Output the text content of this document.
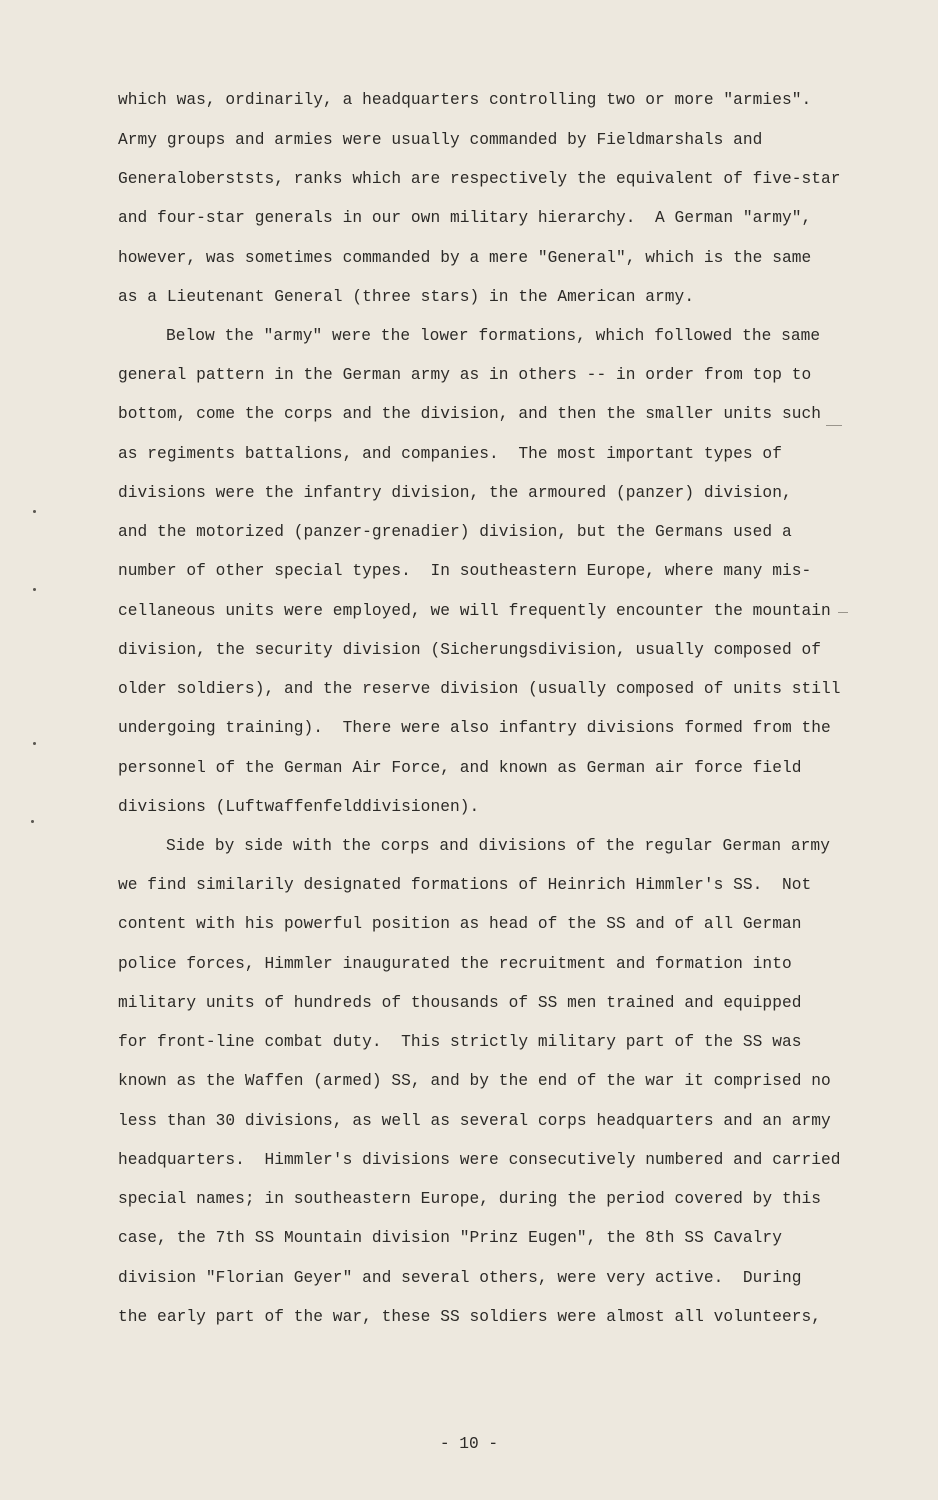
which was, ordinarily, a headquarters controlling two or more "armies".
Army groups and armies were usually commanded by Fieldmarshals and
Generaloberststs, ranks which are respectively the equivalent of five-star
and four-star generals in our own military hierarchy.  A German "army",
however, was sometimes commanded by a mere "General", which is the same
as a Lieutenant General (three stars) in the American army.
Below the "army" were the lower formations, which followed the same
general pattern in the German army as in others -- in order from top to
bottom, come the corps and the division, and then the smaller units such
as regiments battalions, and companies.  The most important types of
divisions were the infantry division, the armoured (panzer) division,
and the motorized (panzer-grenadier) division, but the Germans used a
number of other special types.  In southeastern Europe, where many mis-
cellaneous units were employed, we will frequently encounter the mountain
division, the security division (Sicherungsdivision, usually composed of
older soldiers), and the reserve division (usually composed of units still
undergoing training).  There were also infantry divisions formed from the
personnel of the German Air Force, and known as German air force field
divisions (Luftwaffenfelddivisionen).
Side by side with the corps and divisions of the regular German army
we find similarily designated formations of Heinrich Himmler's SS.  Not
content with his powerful position as head of the SS and of all German
police forces, Himmler inaugurated the recruitment and formation into
military units of hundreds of thousands of SS men trained and equipped
for front-line combat duty.  This strictly military part of the SS was
known as the Waffen (armed) SS, and by the end of the war it comprised no
less than 30 divisions, as well as several corps headquarters and an army
headquarters.  Himmler's divisions were consecutively numbered and carried
special names; in southeastern Europe, during the period covered by this
case, the 7th SS Mountain division "Prinz Eugen", the 8th SS Cavalry
division "Florian Geyer" and several others, were very active.  During
the early part of the war, these SS soldiers were almost all volunteers,
- 10 -
